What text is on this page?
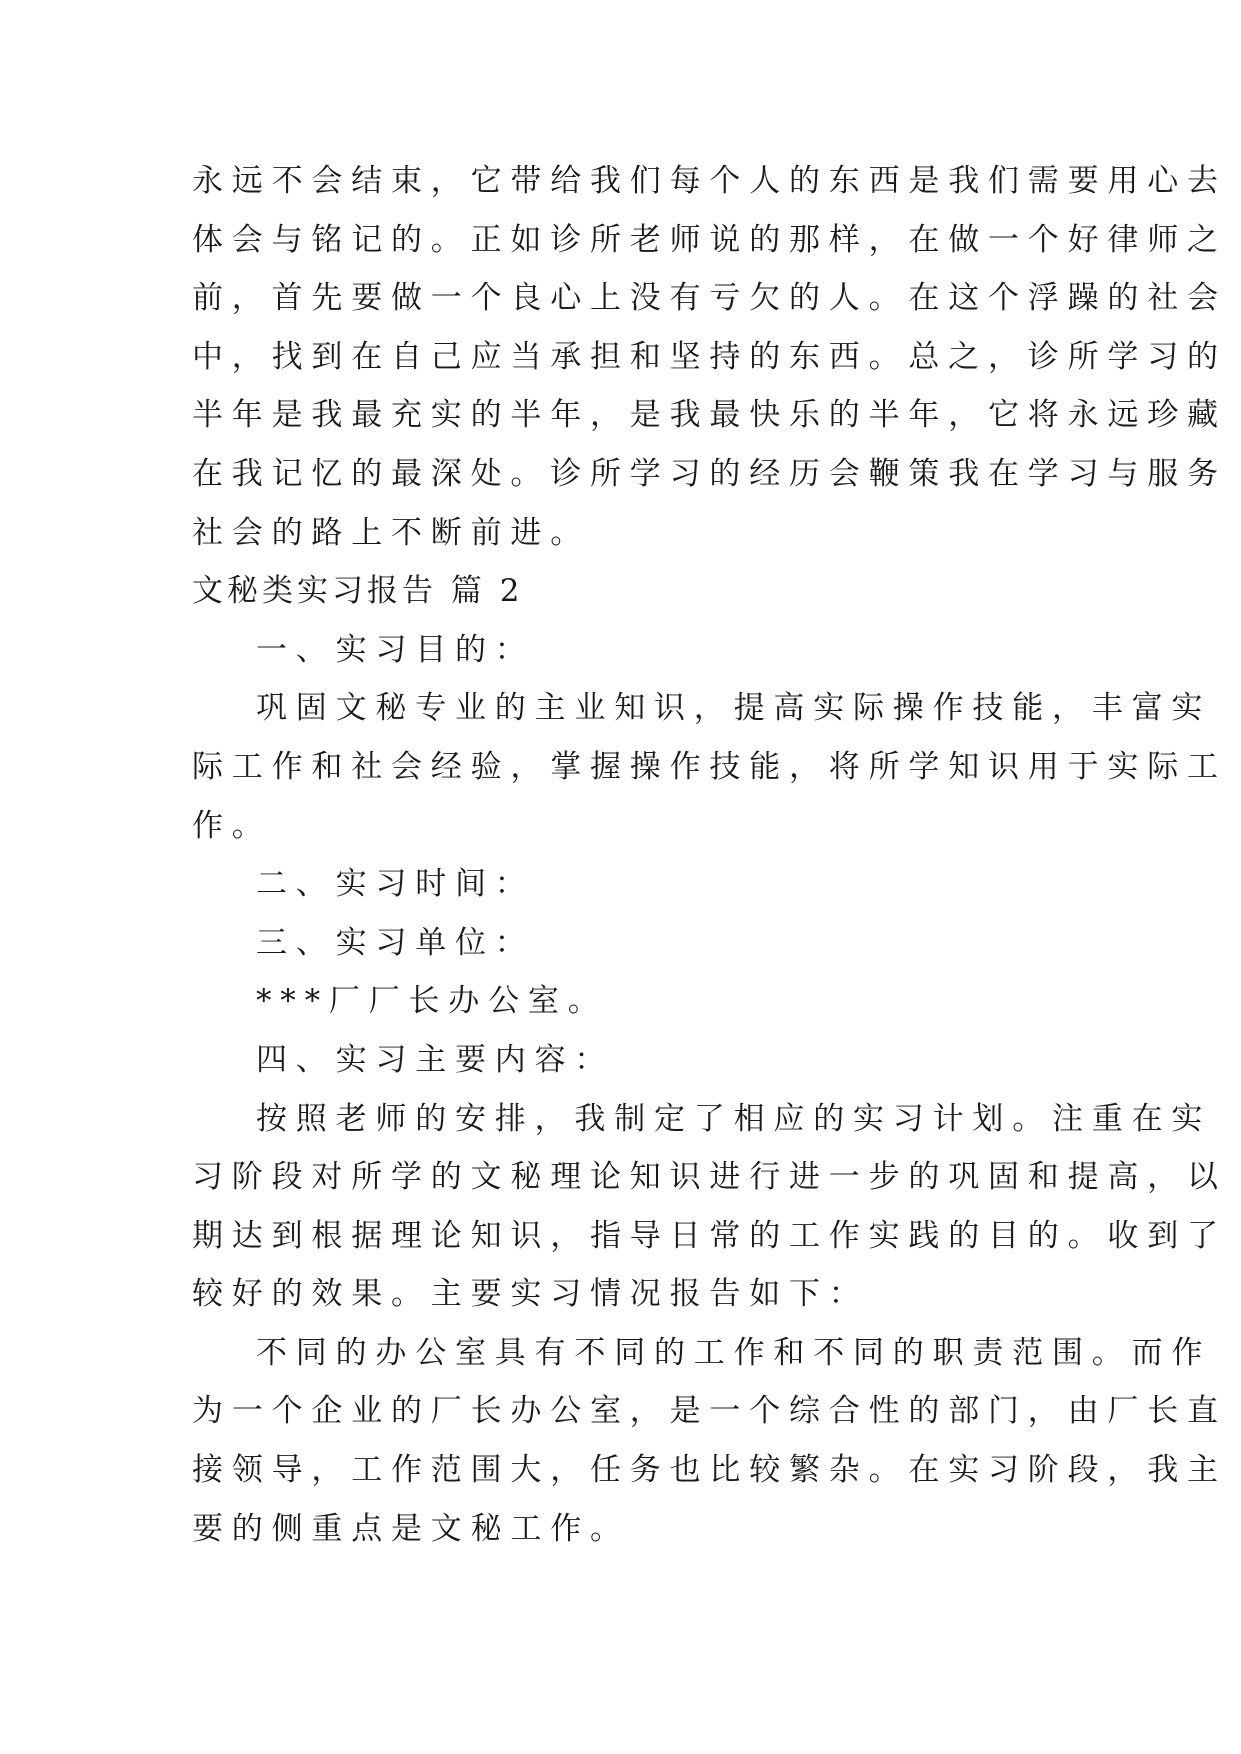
永远不会结束，它带给我们每个人的东西是我们需要用心去

体会与铭记的。正如诊所老师说的那样，在做一个好律师之

前，首先要做一个良心上没有亏欠的人。在这个浮躁的社会

中，找到在自己应当承担和坚持的东西。总之，诊所学习的

半年是我最充实的半年，是我最快乐的半年，它将永远珍藏

在我记忆的最深处。诊所学习的经历会鞭策我在学习与服务

社会的路上不断前进。

文秘类实习报告 篇 2

一、实习目的：

巩固文秘专业的主业知识，提高实际操作技能，丰富实

际工作和社会经验，掌握操作技能，将所学知识用于实际工

作。

二、实习时间：

三、实习单位：

***厂厂长办公室。

四、实习主要内容：

按照老师的安排，我制定了相应的实习计划。注重在实

习阶段对所学的文秘理论知识进行进一步的巩固和提高，以

期达到根据理论知识，指导日常的工作实践的目的。收到了

较好的效果。主要实习情况报告如下：

不同的办公室具有不同的工作和不同的职责范围。而作

为一个企业的厂长办公室，是一个综合性的部门，由厂长直

接领导，工作范围大，任务也比较繁杂。在实习阶段，我主

要的侧重点是文秘工作。
